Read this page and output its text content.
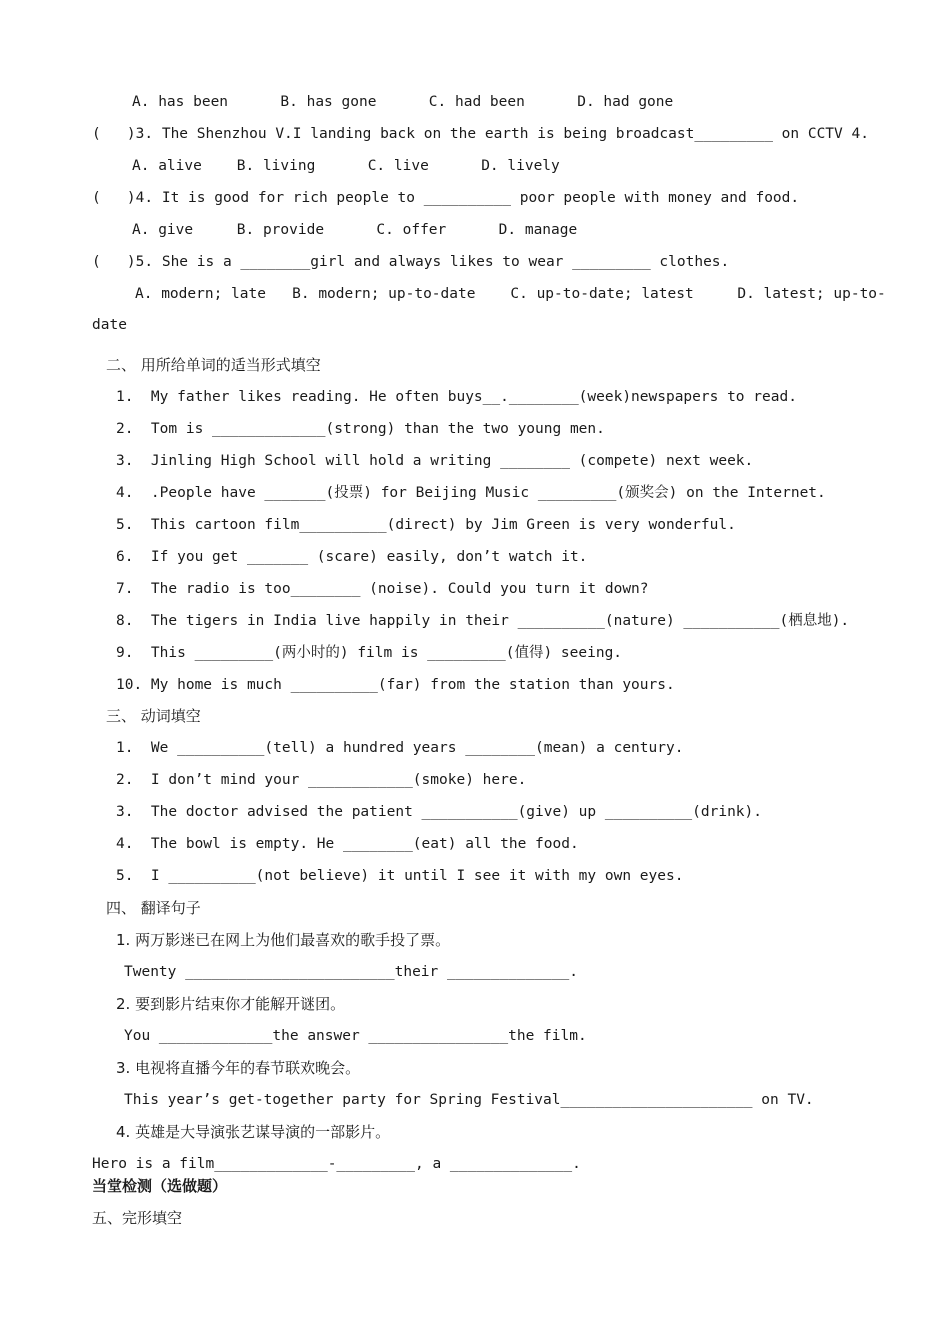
A. has been      B. has gone      C. had been      D. had gone
(   )3. The Shenzhou V.I landing back on the earth is being broadcast_________ on CCTV 4.
A. alive    B. living      C. live      D. lively
(   )4. It is good for rich people to __________ poor people with money and food.
A. give     B. provide      C. offer      D. manage
(   )5. She is a ________girl and always likes to wear _________ clothes.
A. modern; late   B. modern; up-to-date    C. up-to-date; latest     D. latest; up-to-
date
二、 用所给单词的适当形式填空
1.  My father likes reading. He often buys__.________(week)newspapers to read.
2.  Tom is _____________(strong) than the two young men.
3.  Jinling High School will hold a writing ________ (compete) next week.
4.  .People have _______(投票) for Beijing Music _________(颁奖会) on the Internet.
5.  This cartoon film__________(direct) by Jim Green is very wonderful.
6.  If you get _______ (scare) easily, don’t watch it.
7.  The radio is too________ (noise). Could you turn it down?
8.  The tigers in India live happily in their __________(nature) ___________(栖息地).
9.  This _________(两小时的) film is _________(值得) seeing.
10. My home is much __________(far) from the station than yours.
三、 动词填空
1.  We __________(tell) a hundred years ________(mean) a century.
2.  I don’t mind your ____________(smoke) here.
3.  The doctor advised the patient ___________(give) up __________(drink).
4.  The bowl is empty. He ________(eat) all the food.
5.  I __________(not believe) it until I see it with my own eyes.
四、 翻译句子
1. 两万影迷已在网上为他们最喜欢的歌手投了票。
Twenty ________________________their ______________.
2. 要到影片结束你才能解开谜团。
You _____________the answer ________________the film.
3. 电视将直播今年的春节联欢晚会。
This year’s get-together party for Spring Festival______________________ on TV.
4. 英雄是大导演张艺谋导演的一部影片。
Hero is a film_____________-_________, a ______________.
当堂检测（选做题）
五、完形填空
